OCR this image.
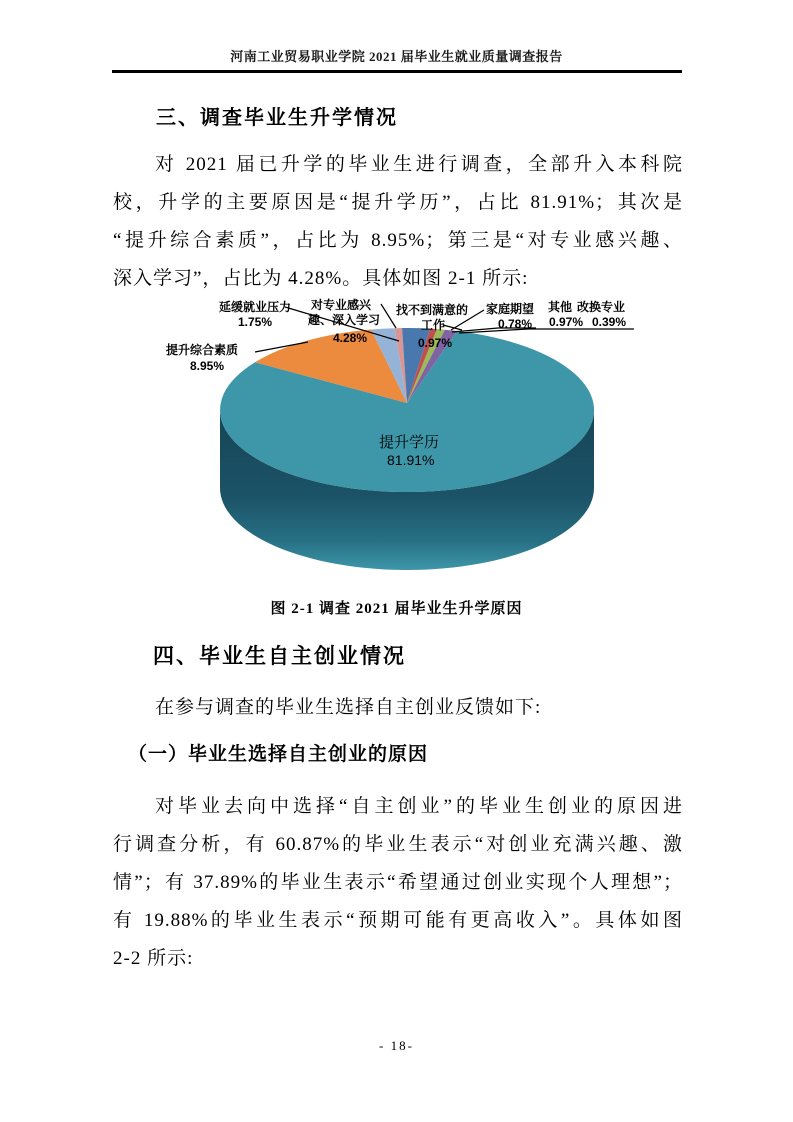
河南工业贸易职业学院 2021 届毕业生就业质量调查报告
三、调查毕业生升学情况
对 2021 届已升学的毕业生进行调查，全部升入本科院
校，升学的主要原因是“提升学历”，占比 81.91%；其次是
“提升综合素质”，占比为 8.95%；第三是“对专业感兴趣、
深入学习”，占比为 4.28%。具体如图 2-1 所示:
提升学历
81.91%
提升综合素质
8.95%
对专业感兴
趣、深入学习
4.28%
延缓就业压力
1.75%
找不到满意的
工作
0.97%
家庭期望
0.78%
其他
0.97%
改换专业
0.39%
图 2-1 调查 2021 届毕业生升学原因
四、毕业生自主创业情况
在参与调查的毕业生选择自主创业反馈如下:
（一）毕业生选择自主创业的原因
对毕业去向中选择“自主创业”的毕业生创业的原因进
行调查分析，有 60.87%的毕业生表示“对创业充满兴趣、激
情”；有 37.89%的毕业生表示“希望通过创业实现个人理想”；
有 19.88%的毕业生表示“预期可能有更高收入”。具体如图
2-2 所示:
- 18-
